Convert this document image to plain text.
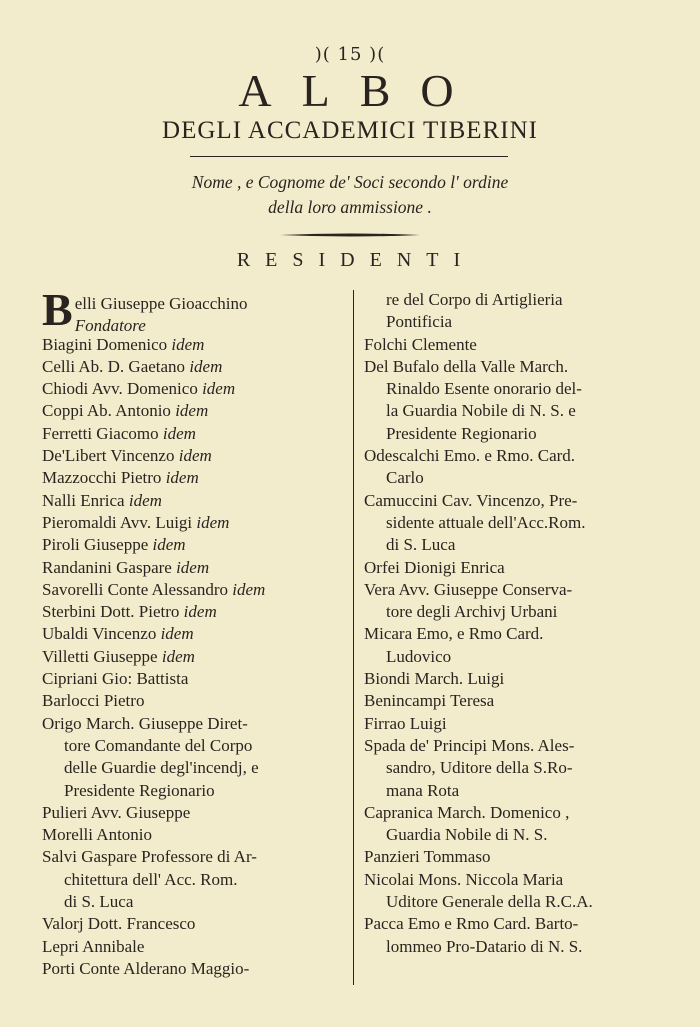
)( 15 )(
ALBO
DEGLI ACCADEMICI TIBERINI
Nome , e Cognome de' Soci secondo l' ordine
della loro ammissione .
RESIDENTI
B elli Giuseppe Gioacchino
Fondatore
Biagini Domenico idem
Celli Ab. D. Gaetano idem
Chiodi Avv. Domenico idem
Coppi Ab. Antonio idem
Ferretti Giacomo idem
De'Libert Vincenzo idem
Mazzocchi Pietro idem
Nalli Enrica idem
Pieromaldi Avv. Luigi idem
Piroli Giuseppe idem
Randanini Gaspare idem
Savorelli Conte Alessandro idem
Sterbini Dott. Pietro idem
Ubaldi Vincenzo idem
Villetti Giuseppe idem
Cipriani Gio: Battista
Barlocci Pietro
Origo March. Giuseppe Diret-
tore Comandante del Corpo
delle Guardie degl'incendj, e
Presidente Regionario
Pulieri Avv. Giuseppe
Morelli Antonio
Salvi Gaspare Professore di Ar-
chitettura dell' Acc. Rom.
di S. Luca
Valorj Dott. Francesco
Lepri Annibale
Porti Conte Alderano Maggio-
re del Corpo di Artiglieria
Pontificia
Folchi Clemente
Del Bufalo della Valle March.
Rinaldo Esente onorario del-
la Guardia Nobile di N. S. e
Presidente Regionario
Odescalchi Emo. e Rmo. Card.
Carlo
Camuccini Cav. Vincenzo, Pre-
sidente attuale dell'Acc.Rom.
di S. Luca
Orfei Dionigi Enrica
Vera Avv. Giuseppe Conserva-
tore degli Archivj Urbani
Micara Emo, e Rmo Card.
Ludovico
Biondi March. Luigi
Benincampi Teresa
Firrao Luigi
Spada de' Principi Mons. Ales-
sandro, Uditore della S.Ro-
mana Rota
Capranica March. Domenico ,
Guardia Nobile di N. S.
Panzieri Tommaso
Nicolai Mons. Niccola Maria
Uditore Generale della R.C.A.
Pacca Emo e Rmo Card. Barto-
lommeo Pro-Datario di N. S.
